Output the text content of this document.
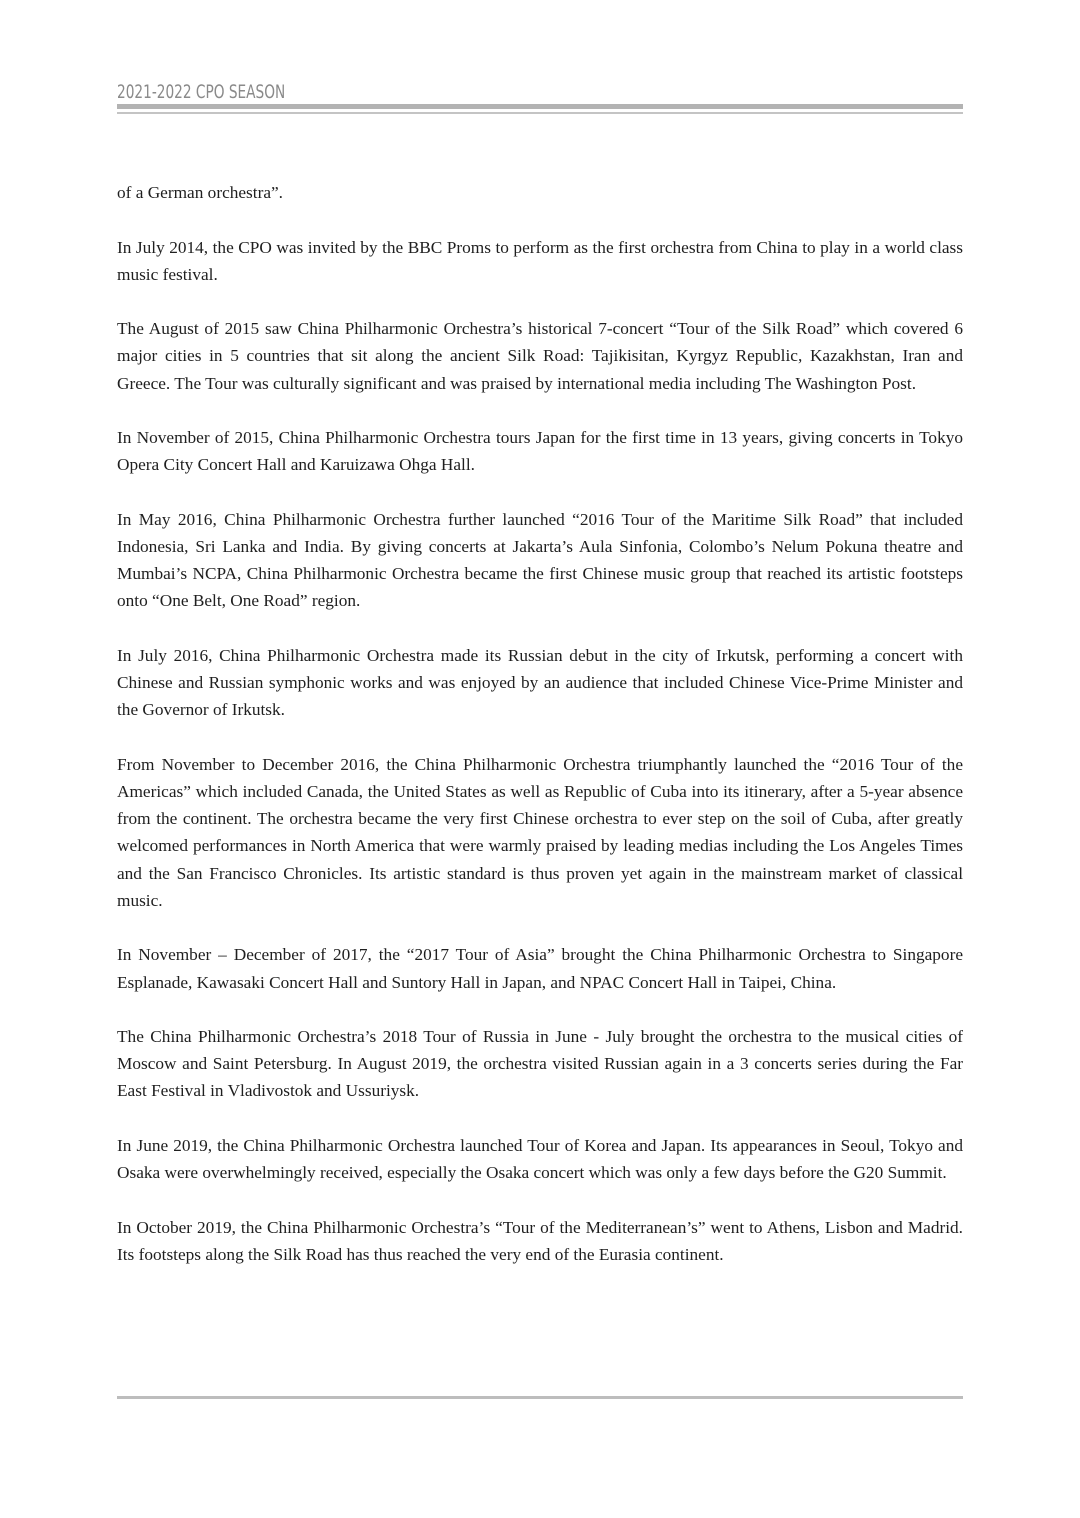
2021-2022 CPO SEASON

of a German orchestra”.

In July 2014, the CPO was invited by the BBC Proms to perform as the first orchestra from China to play in a world class music festival.

The August of 2015 saw China Philharmonic Orchestra’s historical 7-concert “Tour of the Silk Road” which covered 6 major cities in 5 countries that sit along the ancient Silk Road: Tajikisitan, Kyrgyz Republic, Kazakhstan, Iran and Greece. The Tour was culturally significant and was praised by international media including The Washington Post.

In November of 2015, China Philharmonic Orchestra tours Japan for the first time in 13 years, giving concerts in Tokyo Opera City Concert Hall and Karuizawa Ohga Hall.

In May 2016, China Philharmonic Orchestra further launched “2016 Tour of the Maritime Silk Road” that included Indonesia, Sri Lanka and India. By giving concerts at Jakarta’s Aula Sinfonia, Colombo’s Nelum Pokuna theatre and Mumbai’s NCPA, China Philharmonic Orchestra became the first Chinese music group that reached its artistic footsteps onto “One Belt, One Road” region.

In July 2016, China Philharmonic Orchestra made its Russian debut in the city of Irkutsk, performing a concert with Chinese and Russian symphonic works and was enjoyed by an audience that included Chinese Vice-Prime Minister and the Governor of Irkutsk.

From November to December 2016, the China Philharmonic Orchestra triumphantly launched the “2016 Tour of the Americas” which included Canada, the United States as well as Republic of Cuba into its itinerary, after a 5-year absence from the continent. The orchestra became the very first Chinese orchestra to ever step on the soil of Cuba, after greatly welcomed performances in North America that were warmly praised by leading medias including the Los Angeles Times and the San Francisco Chronicles. Its artistic standard is thus proven yet again in the mainstream market of classical music.

In November – December of 2017, the “2017 Tour of Asia” brought the China Philharmonic Orchestra to Singapore Esplanade, Kawasaki Concert Hall and Suntory Hall in Japan, and NPAC Concert Hall in Taipei, China.

The China Philharmonic Orchestra’s 2018 Tour of Russia in June - July brought the orchestra to the musical cities of Moscow and Saint Petersburg. In August 2019, the orchestra visited Russian again in a 3 concerts series during the Far East Festival in Vladivostok and Ussuriysk.

In June 2019, the China Philharmonic Orchestra launched Tour of Korea and Japan. Its appearances in Seoul, Tokyo and Osaka were overwhelmingly received, especially the Osaka concert which was only a few days before the G20 Summit.

In October 2019, the China Philharmonic Orchestra’s “Tour of the Mediterranean’s” went to Athens, Lisbon and Madrid. Its footsteps along the Silk Road has thus reached the very end of the Eurasia continent.
